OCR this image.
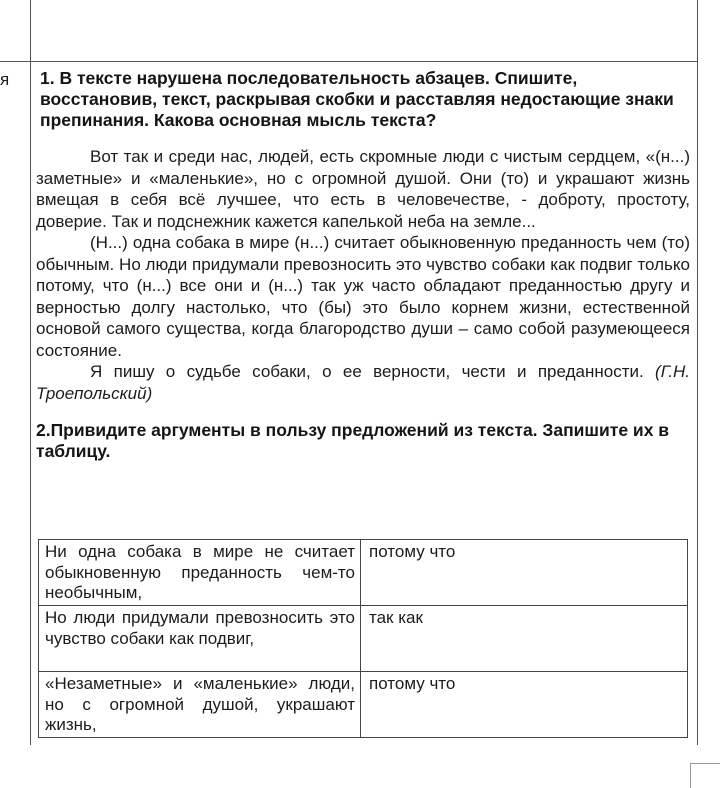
я 1. В тексте нарушена последовательность абзацев. Спишите, восстановив, текст, раскрывая скобки и расставляя недостающие знаки препинания. Какова основная мысль текста?

Вот так и среди нас, людей, есть скромные люди с чистым сердцем, «(н...) заметные» и «маленькие», но с огромной душой. Они (то) и украшают жизнь вмещая в себя всё лучшее, что есть в человечестве, - доброту, простоту, доверие. Так и подснежник кажется капелькой неба на земле...

(Н...) одна собака в мире (н...) считает обыкновенную преданность чем (то) обычным. Но люди придумали превозносить это чувство собаки как подвиг только потому, что (н...) все они и (н...) так уж часто обладают преданностью другу и верностью долгу настолько, что (бы) это было корнем жизни, естественной основой самого существа, когда благородство души – само собой разумеющееся состояние.

Я пишу о судьбе собаки, о ее верности, чести и преданности. (Г.Н. Троепольский)

2.Привидите аргументы в пользу предложений из текста. Запишите их в таблицу.

Ни одна собака в мире не считает обыкновенную преданность чем-то необычным,	потому что
Но люди придумали превозносить это чувство собаки как подвиг,	так как
«Незаметные» и «маленькие» люди, но с огромной душой, украшают жизнь,	потому что
